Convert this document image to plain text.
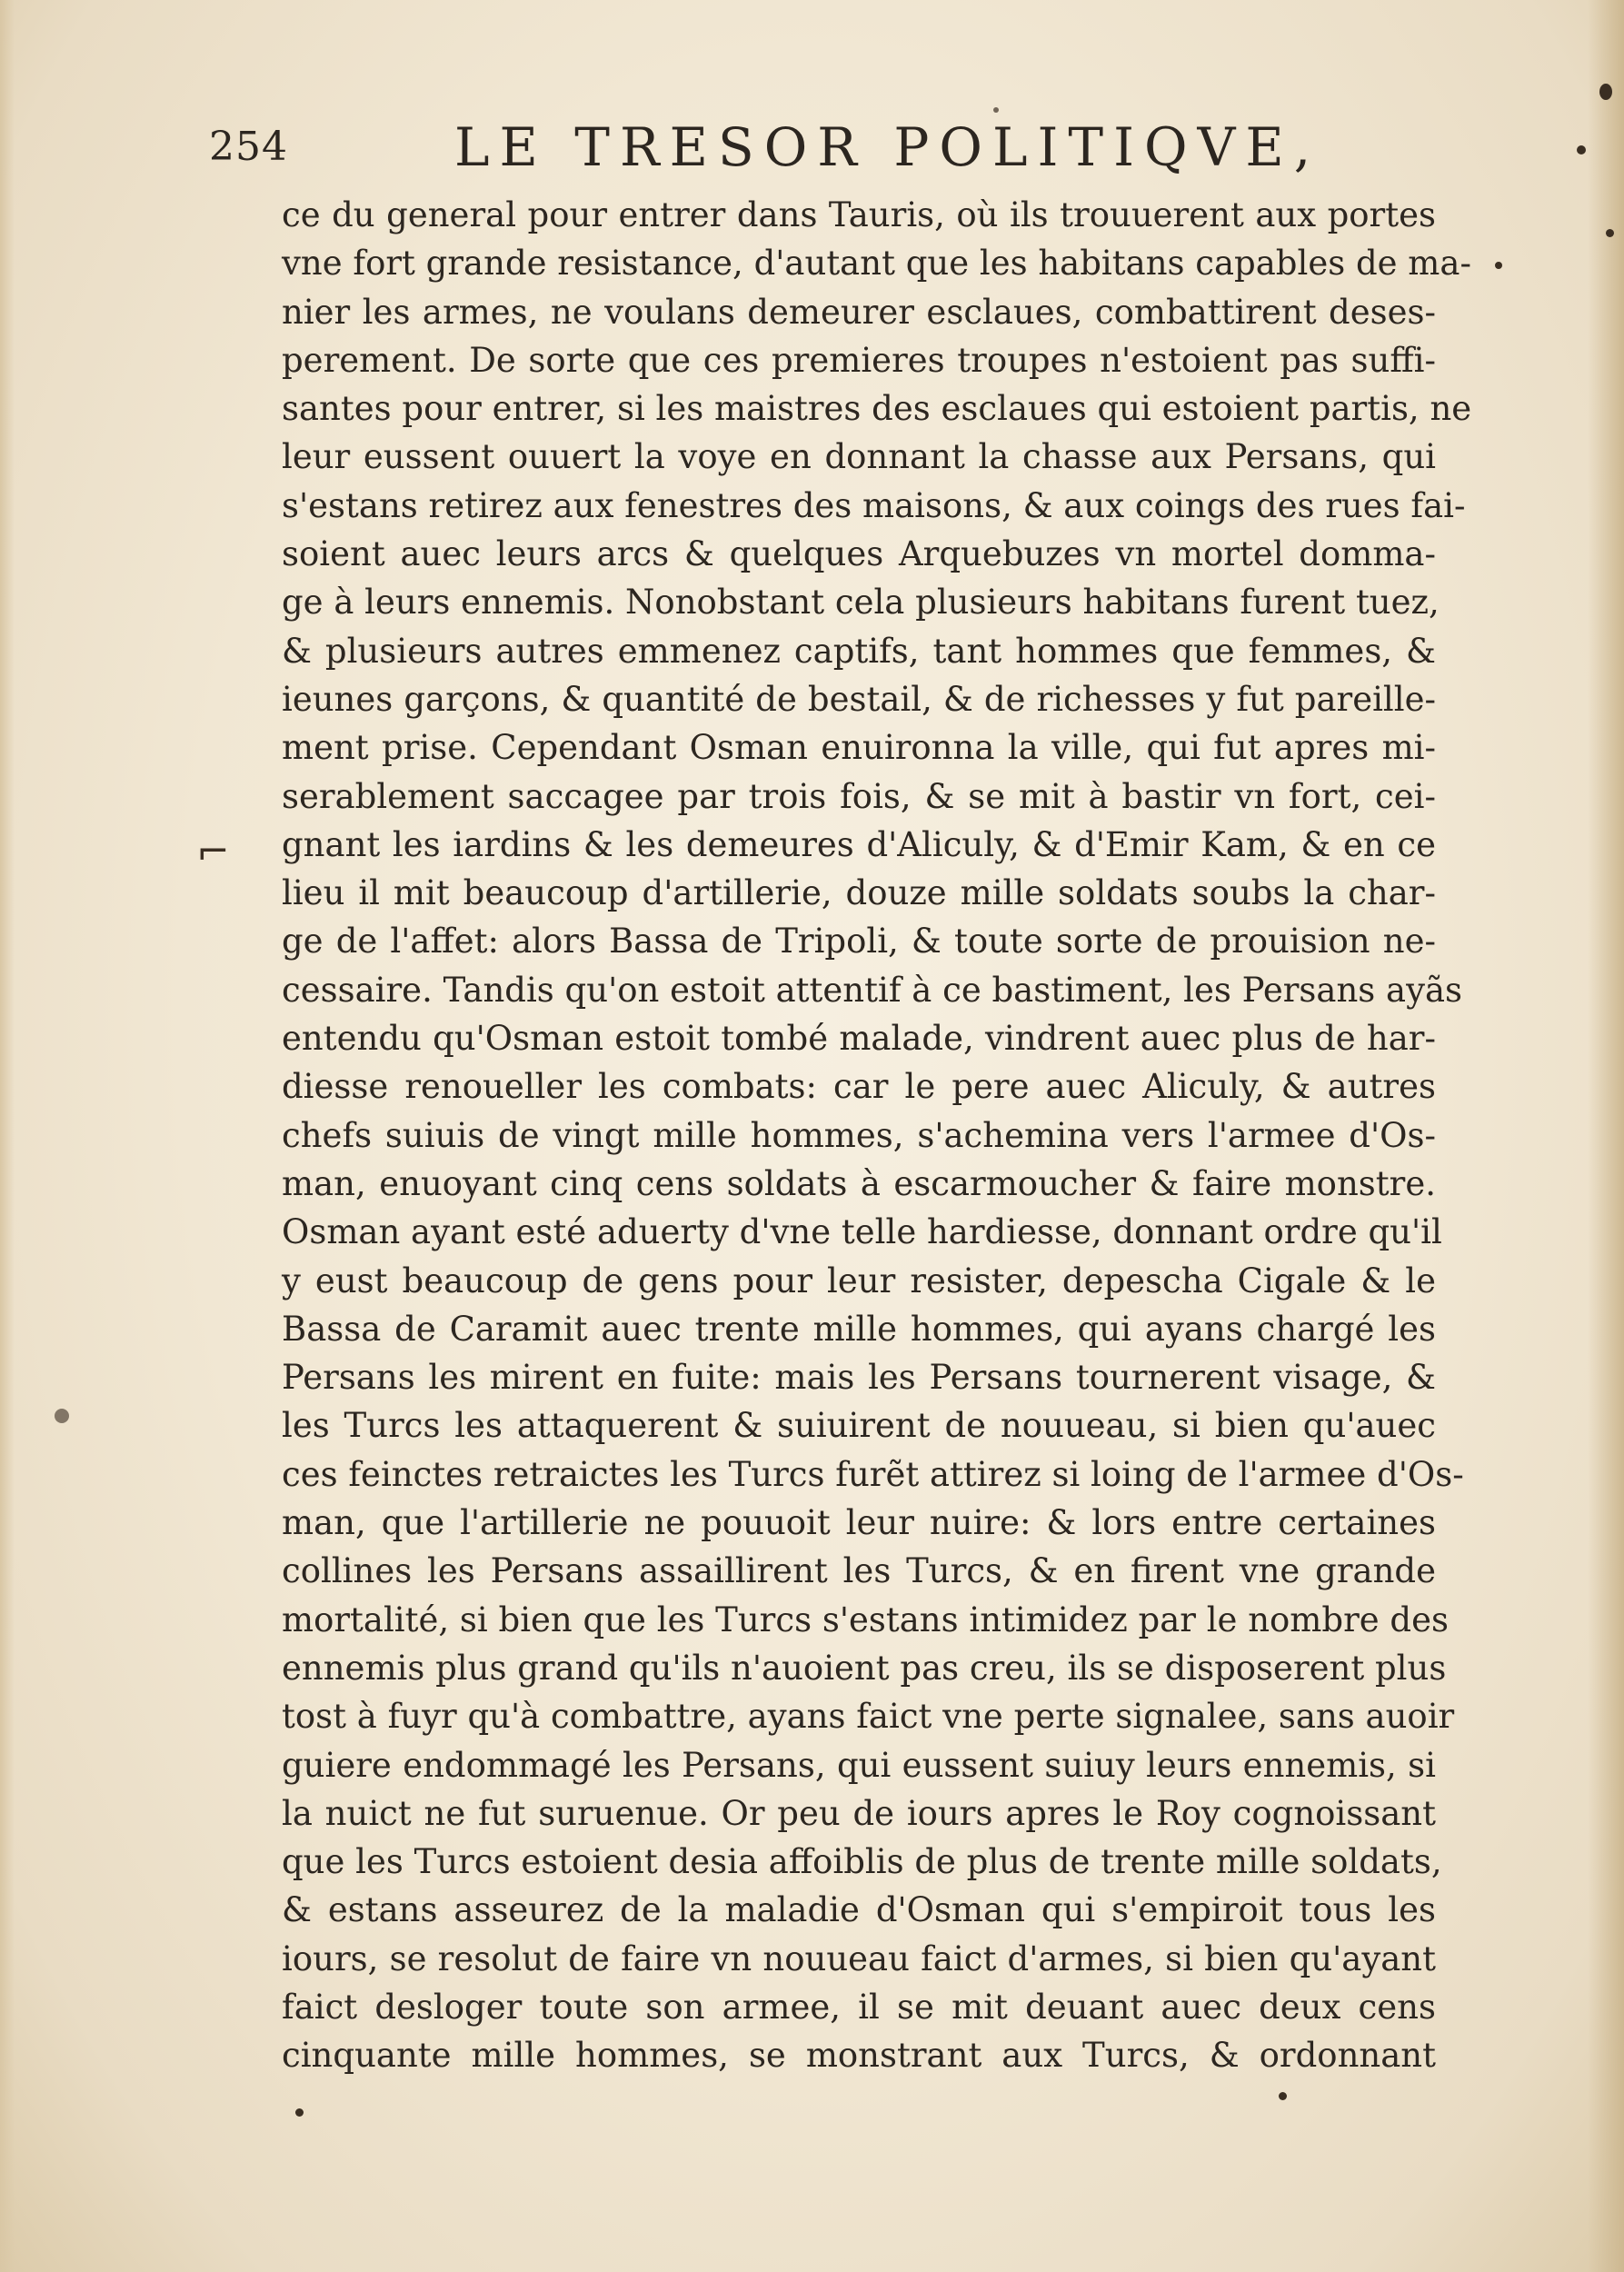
254	LE TRESOR POLITIQVE,
ce du general pour entrer dans Tauris, où ils trouuerent aux portes
vne fort grande resistance, d'autant que les habitans capables de ma-
nier les armes, ne voulans demeurer esclaues, combattirent deses-
perement. De sorte que ces premieres troupes n'estoient pas suffi-
santes pour entrer, si les maistres des esclaues qui estoient partis, ne
leur eussent ouuert la voye en donnant la chasse aux Persans, qui
s'estans retirez aux fenestres des maisons, & aux coings des rues fai-
soient auec leurs arcs & quelques Arquebuzes vn mortel domma-
ge à leurs ennemis. Nonobstant cela plusieurs habitans furent tuez,
& plusieurs autres emmenez captifs, tant hommes que femmes, &
ieunes garçons, & quantité de bestail, & de richesses y fut pareille-
ment prise. Cependant Osman enuironna la ville, qui fut apres mi-
serablement saccagee par trois fois, & se mit à bastir vn fort, cei-
gnant les iardins & les demeures d'Aliculy, & d'Emir Kam, & en ce
lieu il mit beaucoup d'artillerie, douze mille soldats soubs la char-
ge de l'affet: alors Bassa de Tripoli, & toute sorte de prouision ne-
cessaire. Tandis qu'on estoit attentif à ce bastiment, les Persans ayãs
entendu qu'Osman estoit tombé malade, vindrent auec plus de har-
diesse renoueller les combats: car le pere auec Aliculy, & autres
chefs suiuis de vingt mille hommes, s'achemina vers l'armee d'Os-
man, enuoyant cinq cens soldats à escarmoucher & faire monstre.
Osman ayant esté aduerty d'vne telle hardiesse, donnant ordre qu'il
y eust beaucoup de gens pour leur resister, depescha Cigale & le
Bassa de Caramit auec trente mille hommes, qui ayans chargé les
Persans les mirent en fuite: mais les Persans tournerent visage, &
les Turcs les attaquerent & suiuirent de nouueau, si bien qu'auec
ces feinctes retraictes les Turcs furẽt attirez si loing de l'armee d'Os-
man, que l'artillerie ne pouuoit leur nuire: & lors entre certaines
collines les Persans assaillirent les Turcs, & en firent vne grande
mortalité, si bien que les Turcs s'estans intimidez par le nombre des
ennemis plus grand qu'ils n'auoient pas creu, ils se disposerent plus
tost à fuyr qu'à combattre, ayans faict vne perte signalee, sans auoir
guiere endommagé les Persans, qui eussent suiuy leurs ennemis, si
la nuict ne fut suruenue. Or peu de iours apres le Roy cognoissant
que les Turcs estoient desia affoiblis de plus de trente mille soldats,
& estans asseurez de la maladie d'Osman qui s'empiroit tous les
iours, se resolut de faire vn nouueau faict d'armes, si bien qu'ayant
faict desloger toute son armee, il se mit deuant auec deux cens
cinquante mille hommes, se monstrant aux Turcs, & ordonnant
⌐
